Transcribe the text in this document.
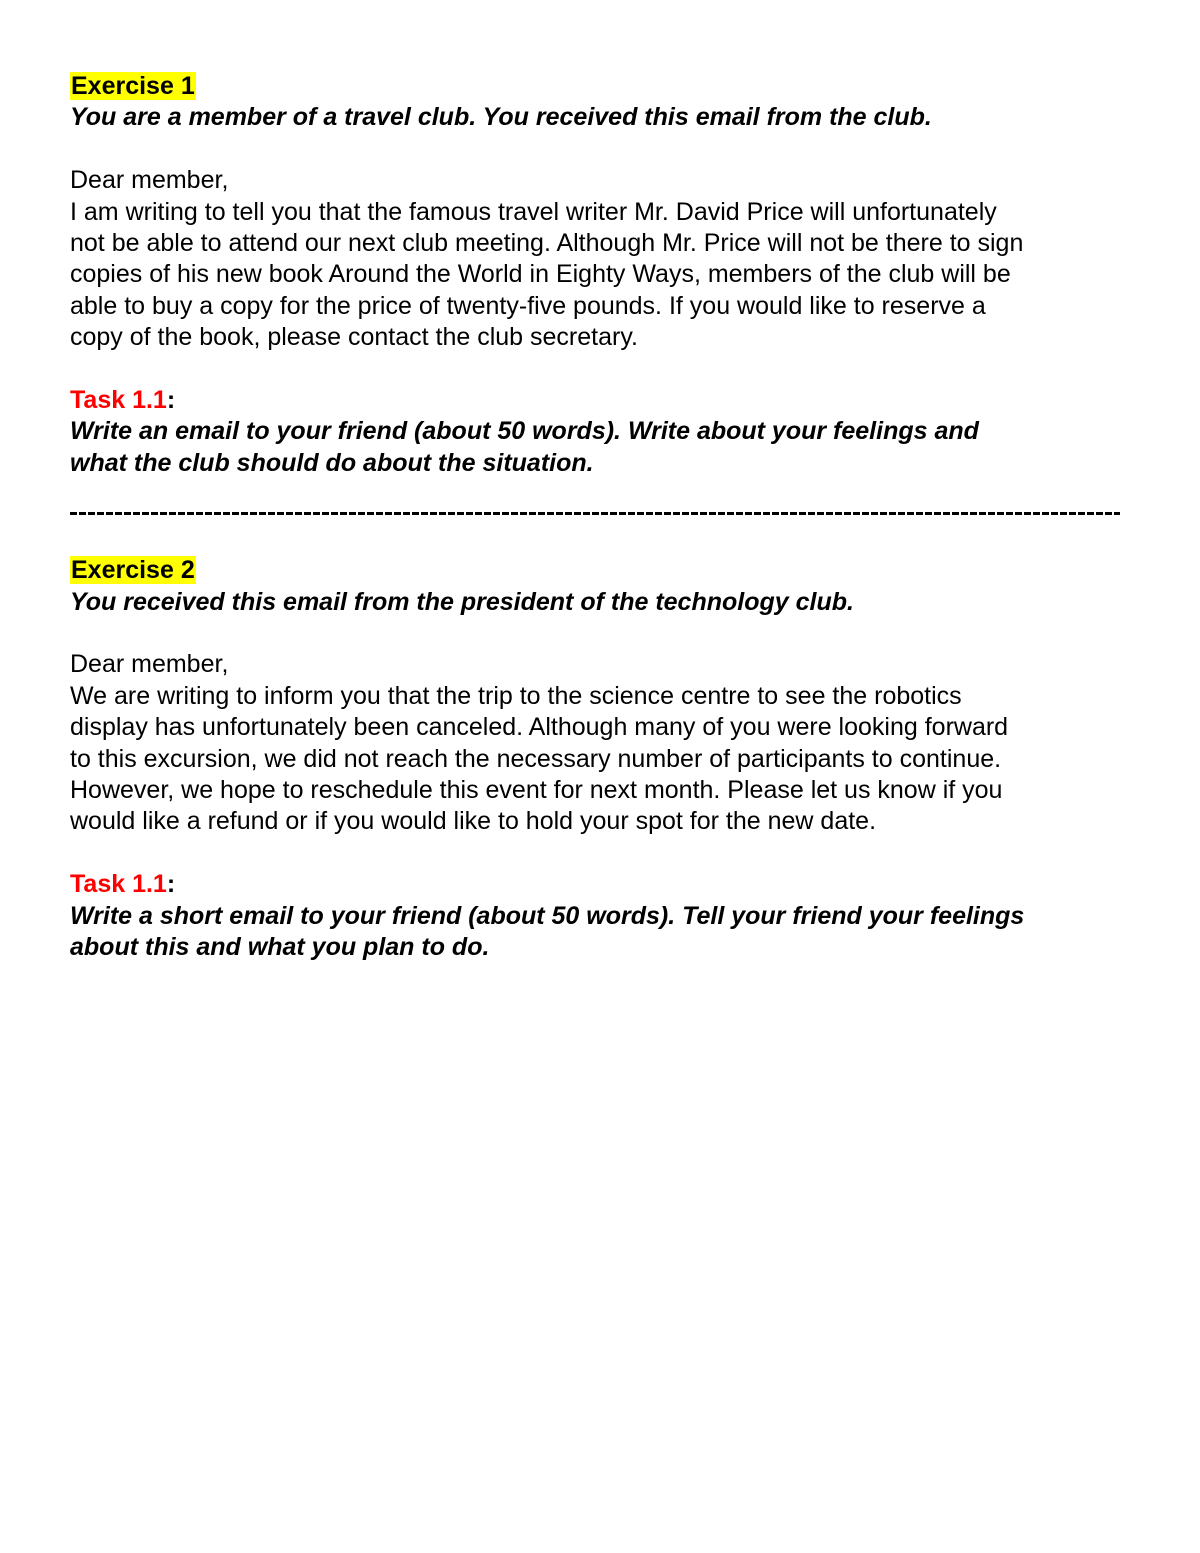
Exercise 1
You are a member of a travel club. You received this email from the club.
Dear member,
I am writing to tell you that the famous travel writer Mr. David Price will unfortunately
not be able to attend our next club meeting. Although Mr. Price will not be there to sign
copies of his new book Around the World in Eighty Ways, members of the club will be
able to buy a copy for the price of twenty-five pounds. If you would like to reserve a
copy of the book, please contact the club secretary.
Task 1.1:
Write an email to your friend (about 50 words). Write about your feelings and
what the club should do about the situation.
Exercise 2
You received this email from the president of the technology club.
Dear member,
We are writing to inform you that the trip to the science centre to see the robotics
display has unfortunately been canceled. Although many of you were looking forward
to this excursion, we did not reach the necessary number of participants to continue.
However, we hope to reschedule this event for next month. Please let us know if you
would like a refund or if you would like to hold your spot for the new date.
Task 1.1:
Write a short email to your friend (about 50 words). Tell your friend your feelings
about this and what you plan to do.
